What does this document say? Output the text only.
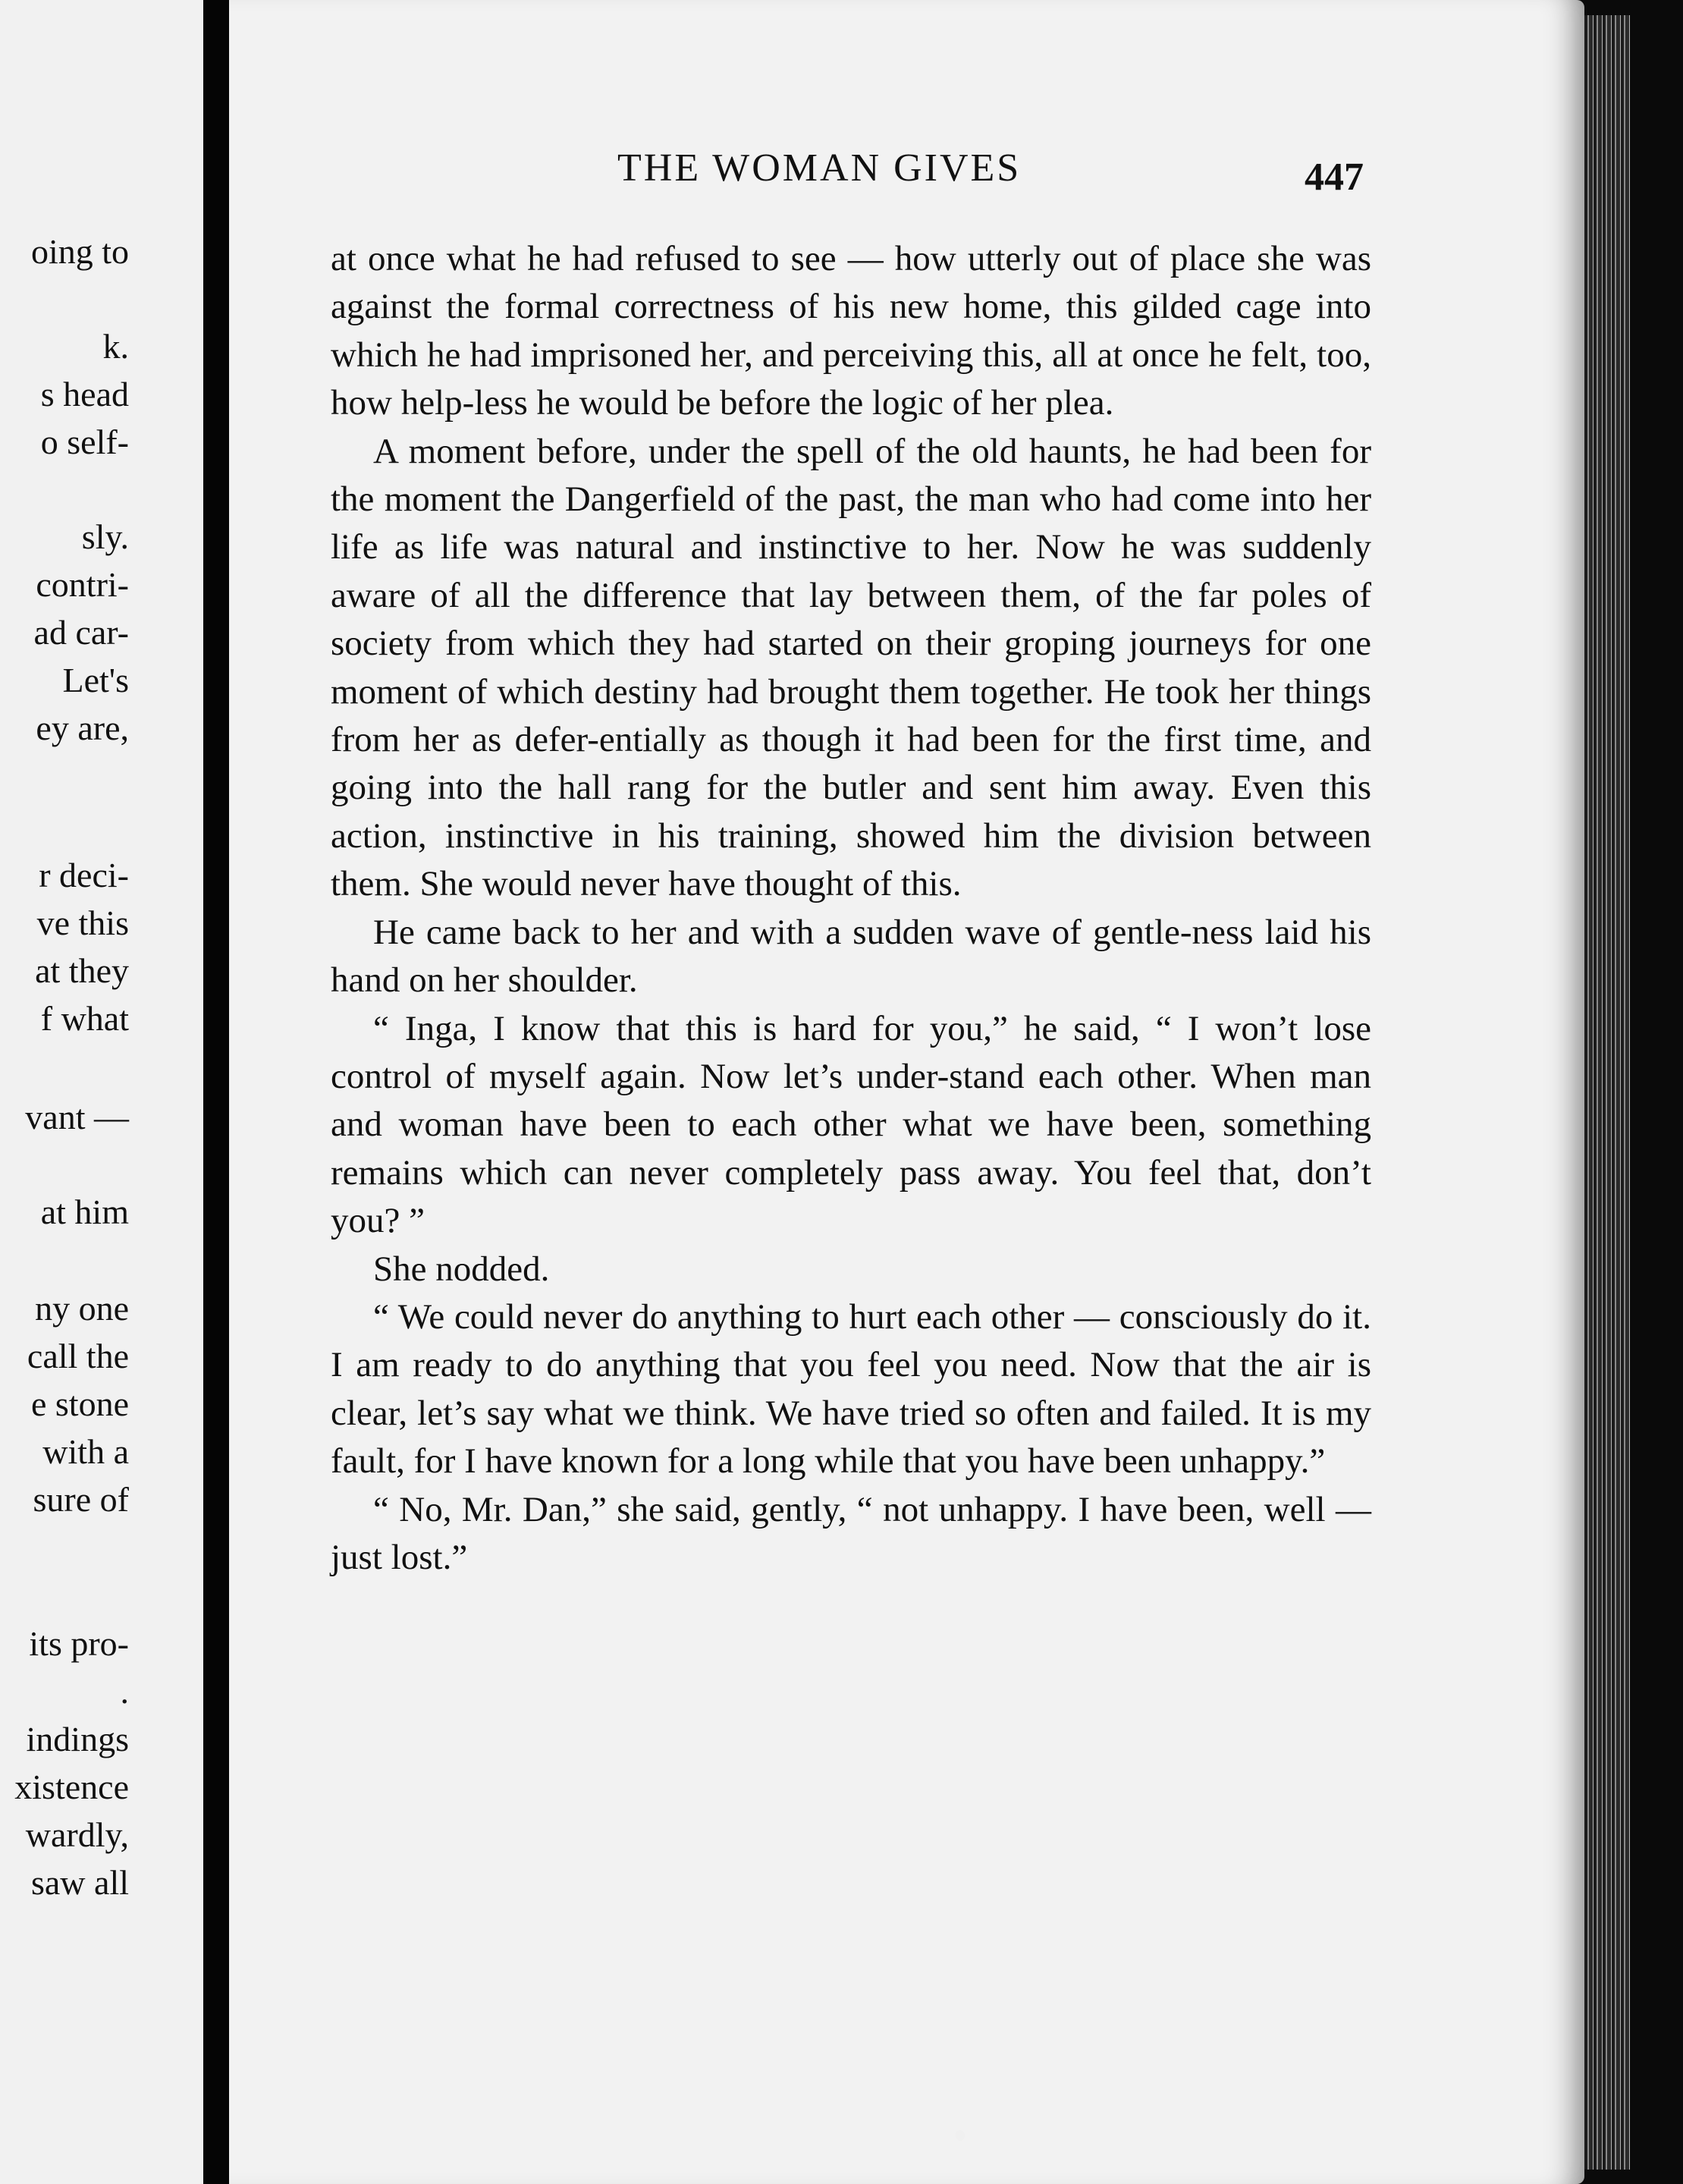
oing to
k.
s head
o self-
sly.
contri-
ad car-
Let's
ey are,
r deci-
ve this
at they
f what
vant —
at him
ny one
call the
e stone
with a
sure of
its pro-
.
indings
xistence
wardly,
saw all
THE WOMAN GIVES	447

at once what he had refused to see — how utterly out of place she was against the formal correctness of his new home, this gilded cage into which he had imprisoned her, and perceiving this, all at once he felt, too, how help-less he would be before the logic of her plea.

A moment before, under the spell of the old haunts, he had been for the moment the Dangerfield of the past, the man who had come into her life as life was natural and instinctive to her. Now he was suddenly aware of all the difference that lay between them, of the far poles of society from which they had started on their groping journeys for one moment of which destiny had brought them together. He took her things from her as defer-entially as though it had been for the first time, and going into the hall rang for the butler and sent him away. Even this action, instinctive in his training, showed him the division between them. She would never have thought of this.

He came back to her and with a sudden wave of gentle-ness laid his hand on her shoulder.

“ Inga, I know that this is hard for you,” he said, “ I won’t lose control of myself again. Now let’s under-stand each other. When man and woman have been to each other what we have been, something remains which can never completely pass away. You feel that, don’t you? ”

She nodded.

“ We could never do anything to hurt each other — consciously do it. I am ready to do anything that you feel you need. Now that the air is clear, let’s say what we think. We have tried so often and failed. It is my fault, for I have known for a long while that you have been unhappy.”

“ No, Mr. Dan,” she said, gently, “ not unhappy. I have been, well — just lost.”
